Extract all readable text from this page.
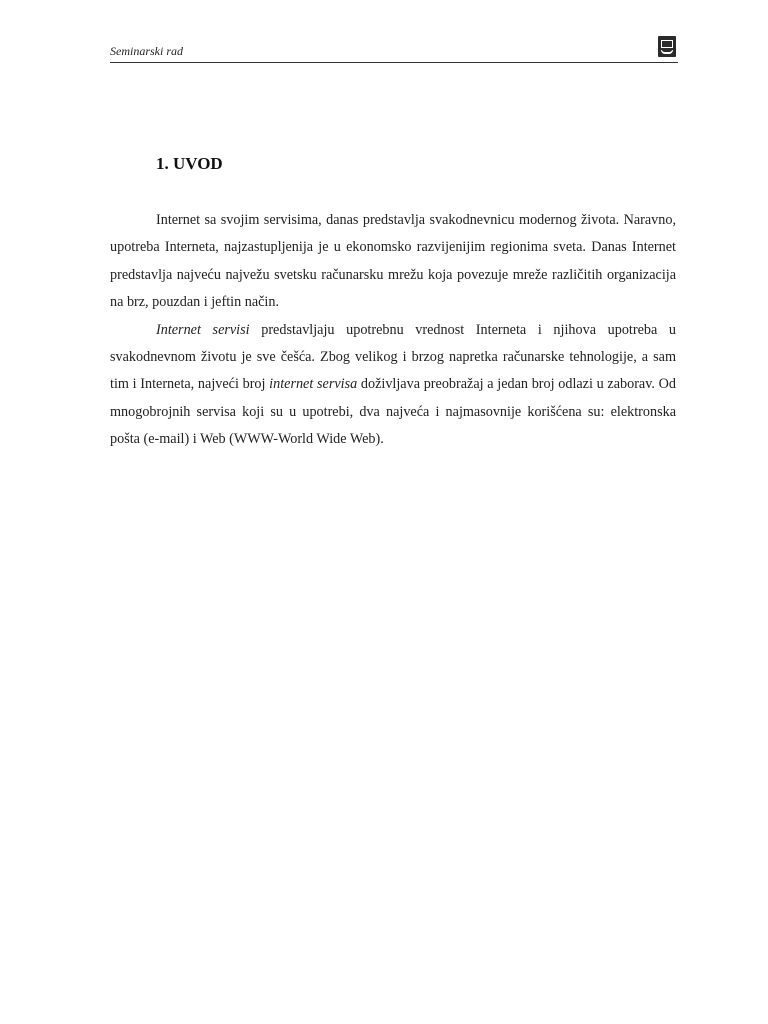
Seminarski rad
1. UVOD

Internet sa svojim servisima, danas predstavlja svakodnevnicu modernog života. Naravno, upotreba Interneta, najzastupljenija je u ekonomsko razvijenijim regionima sveta. Danas Internet predstavlja najveću najvežu svetsku računarsku mrežu koja povezuje mreže različitih organizacija na brz, pouzdan i jeftin način.

Internet servisi predstavljaju upotrebnu vrednost Interneta i njihova upotreba u svakodnevnom životu je sve češća. Zbog velikog i brzog napretka računarske tehnologije, a sam tim i Interneta, najveći broj internet servisa doživljava preobražaj a jedan broj odlazi u zaborav. Od mnogobrojnih servisa koji su u upotrebi, dva najveća i najmasovnije korišćena su: elektronska pošta (e-mail) i Web (WWW-World Wide Web).
